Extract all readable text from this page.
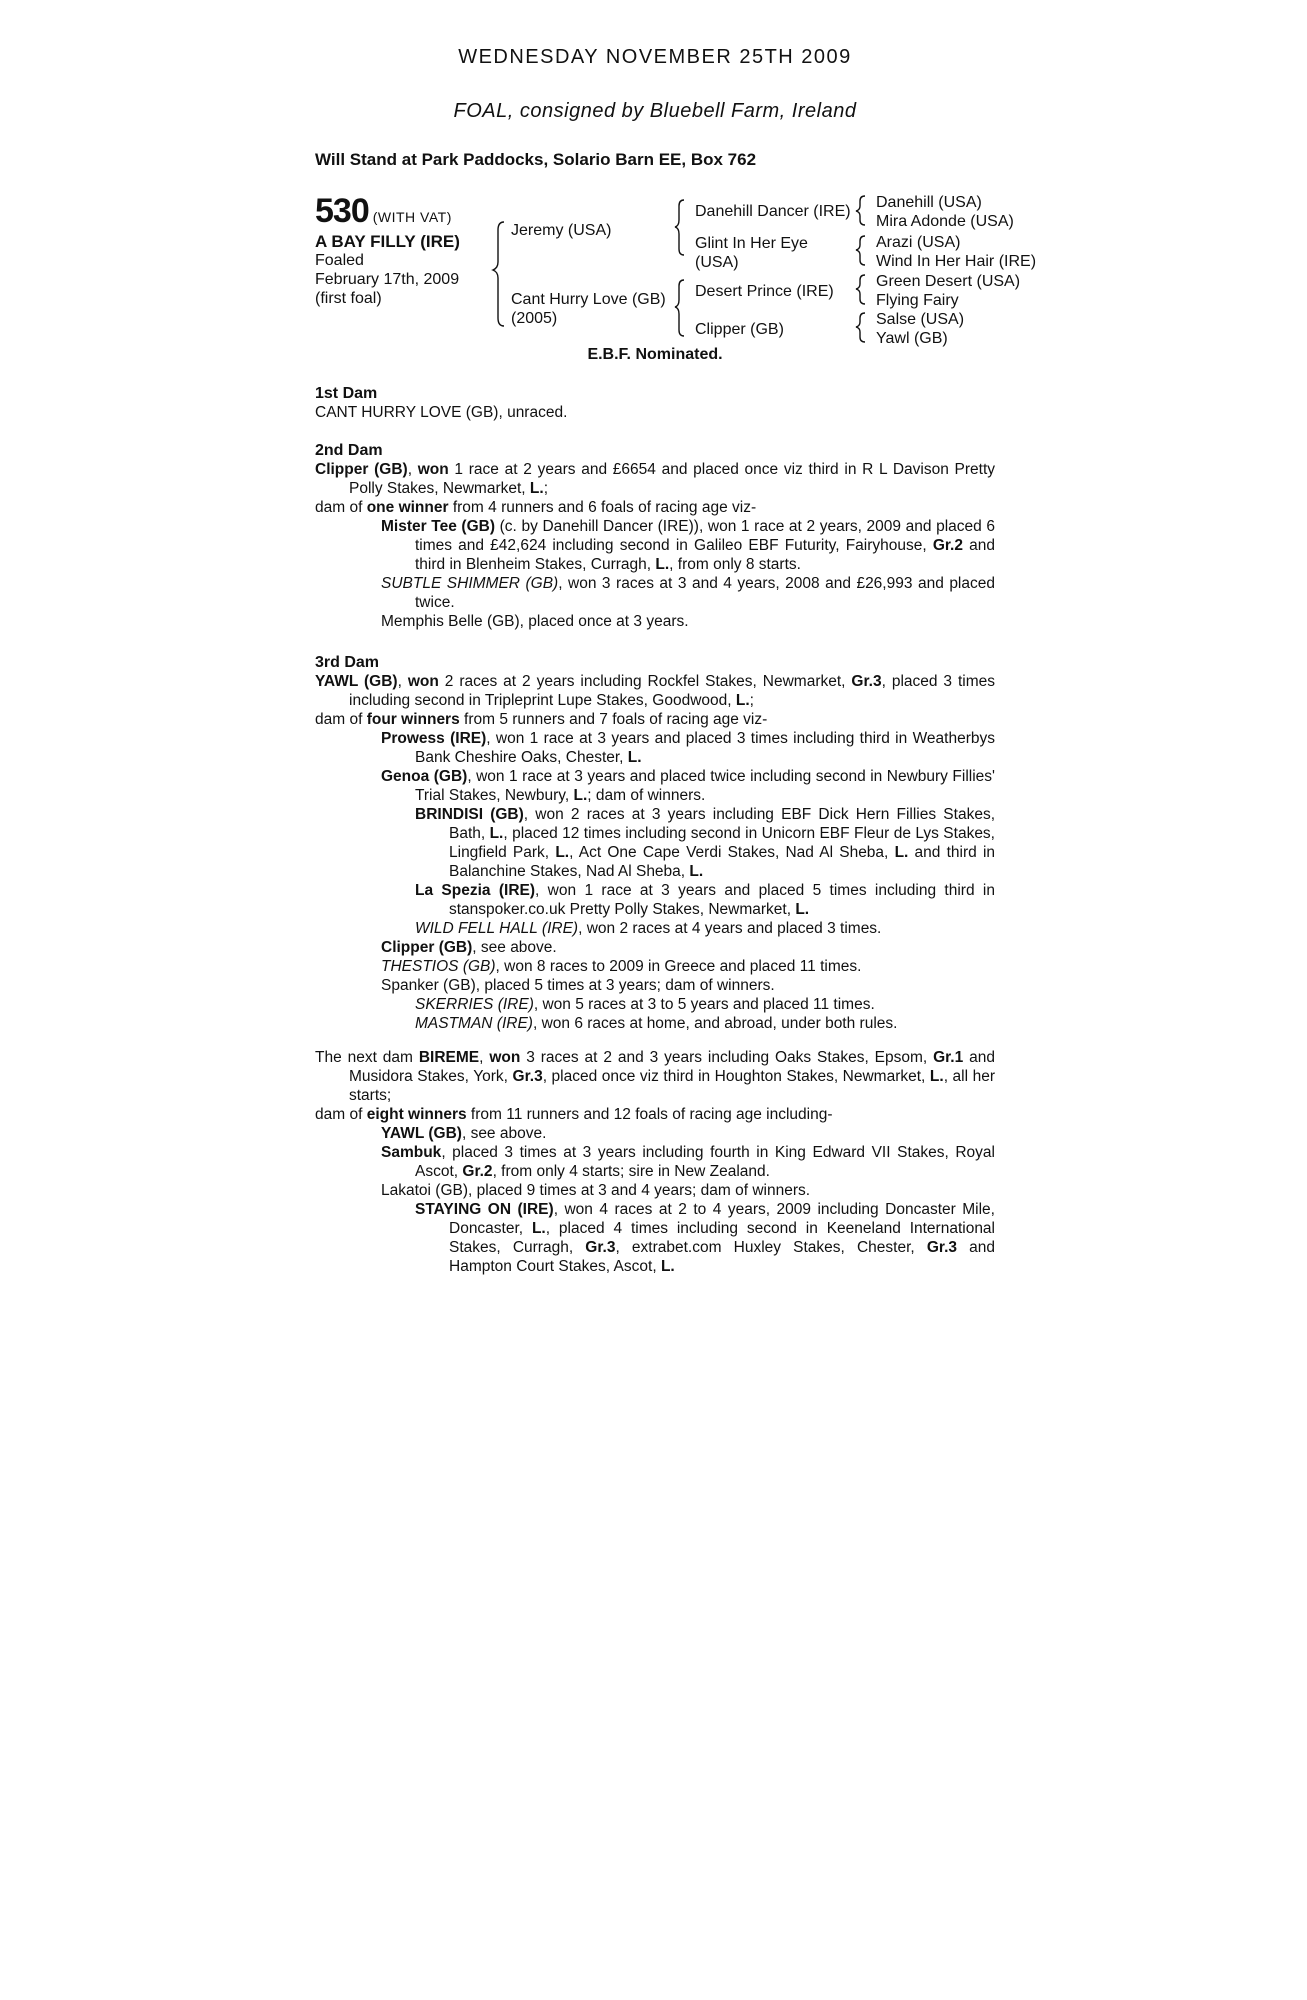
WEDNESDAY NOVEMBER 25TH 2009
FOAL, consigned by Bluebell Farm, Ireland
Will Stand at Park Paddocks, Solario Barn EE, Box 762
530 (WITH VAT)
A BAY FILLY (IRE)
Foaled
February 17th, 2009
(first foal)
Jeremy (USA)
Cant Hurry Love (GB)
(2005)
Danehill Dancer (IRE)
Glint In Her Eye
(USA)
Desert Prince (IRE)
Clipper (GB)
Danehill (USA)
Mira Adonde (USA)
Arazi (USA)
Wind In Her Hair (IRE)
Green Desert (USA)
Flying Fairy
Salse (USA)
Yawl (GB)
E.B.F. Nominated.
1st Dam
CANT HURRY LOVE (GB), unraced.
2nd Dam
Clipper (GB), won 1 race at 2 years and £6654 and placed once viz third in R L Davison Pretty Polly Stakes, Newmarket, L.;
dam of one winner from 4 runners and 6 foals of racing age viz-
Mister Tee (GB) (c. by Danehill Dancer (IRE)), won 1 race at 2 years, 2009 and placed 6 times and £42,624 including second in Galileo EBF Futurity, Fairyhouse, Gr.2 and third in Blenheim Stakes, Curragh, L., from only 8 starts.
SUBTLE SHIMMER (GB), won 3 races at 3 and 4 years, 2008 and £26,993 and placed twice.
Memphis Belle (GB), placed once at 3 years.
3rd Dam
YAWL (GB), won 2 races at 2 years including Rockfel Stakes, Newmarket, Gr.3, placed 3 times including second in Tripleprint Lupe Stakes, Goodwood, L.;
dam of four winners from 5 runners and 7 foals of racing age viz-
Prowess (IRE), won 1 race at 3 years and placed 3 times including third in Weatherbys Bank Cheshire Oaks, Chester, L.
Genoa (GB), won 1 race at 3 years and placed twice including second in Newbury Fillies' Trial Stakes, Newbury, L.; dam of winners.
BRINDISI (GB), won 2 races at 3 years including EBF Dick Hern Fillies Stakes, Bath, L., placed 12 times including second in Unicorn EBF Fleur de Lys Stakes, Lingfield Park, L., Act One Cape Verdi Stakes, Nad Al Sheba, L. and third in Balanchine Stakes, Nad Al Sheba, L.
La Spezia (IRE), won 1 race at 3 years and placed 5 times including third in stanspoker.co.uk Pretty Polly Stakes, Newmarket, L.
WILD FELL HALL (IRE), won 2 races at 4 years and placed 3 times.
Clipper (GB), see above.
THESTIOS (GB), won 8 races to 2009 in Greece and placed 11 times.
Spanker (GB), placed 5 times at 3 years; dam of winners.
SKERRIES (IRE), won 5 races at 3 to 5 years and placed 11 times.
MASTMAN (IRE), won 6 races at home, and abroad, under both rules.
The next dam BIREME, won 3 races at 2 and 3 years including Oaks Stakes, Epsom, Gr.1 and Musidora Stakes, York, Gr.3, placed once viz third in Houghton Stakes, Newmarket, L., all her starts;
dam of eight winners from 11 runners and 12 foals of racing age including-
YAWL (GB), see above.
Sambuk, placed 3 times at 3 years including fourth in King Edward VII Stakes, Royal Ascot, Gr.2, from only 4 starts; sire in New Zealand.
Lakatoi (GB), placed 9 times at 3 and 4 years; dam of winners.
STAYING ON (IRE), won 4 races at 2 to 4 years, 2009 including Doncaster Mile, Doncaster, L., placed 4 times including second in Keeneland International Stakes, Curragh, Gr.3, extrabet.com Huxley Stakes, Chester, Gr.3 and Hampton Court Stakes, Ascot, L.
